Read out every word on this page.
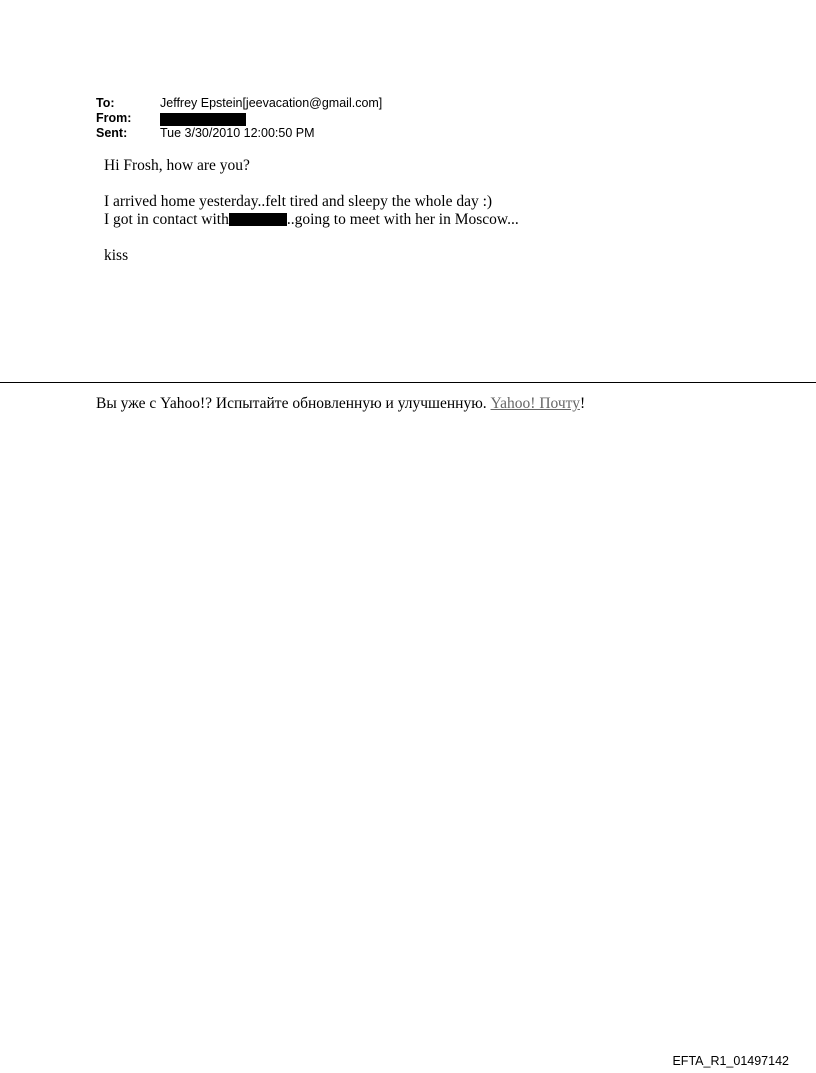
To:	Jeffrey Epstein[jeevacation@gmail.com]
From:
Sent:	Tue 3/30/2010 12:00:50 PM

Hi Frosh, how are you?

I arrived home yesterday..felt tired and sleepy the whole day :)

I got in contact with	..going to meet with her in Moscow...

kiss

Вы уже с Yahoo!? Испытайте обновленную и улучшенную. Yahoo! Почту!
EFTA_R1_01497142
